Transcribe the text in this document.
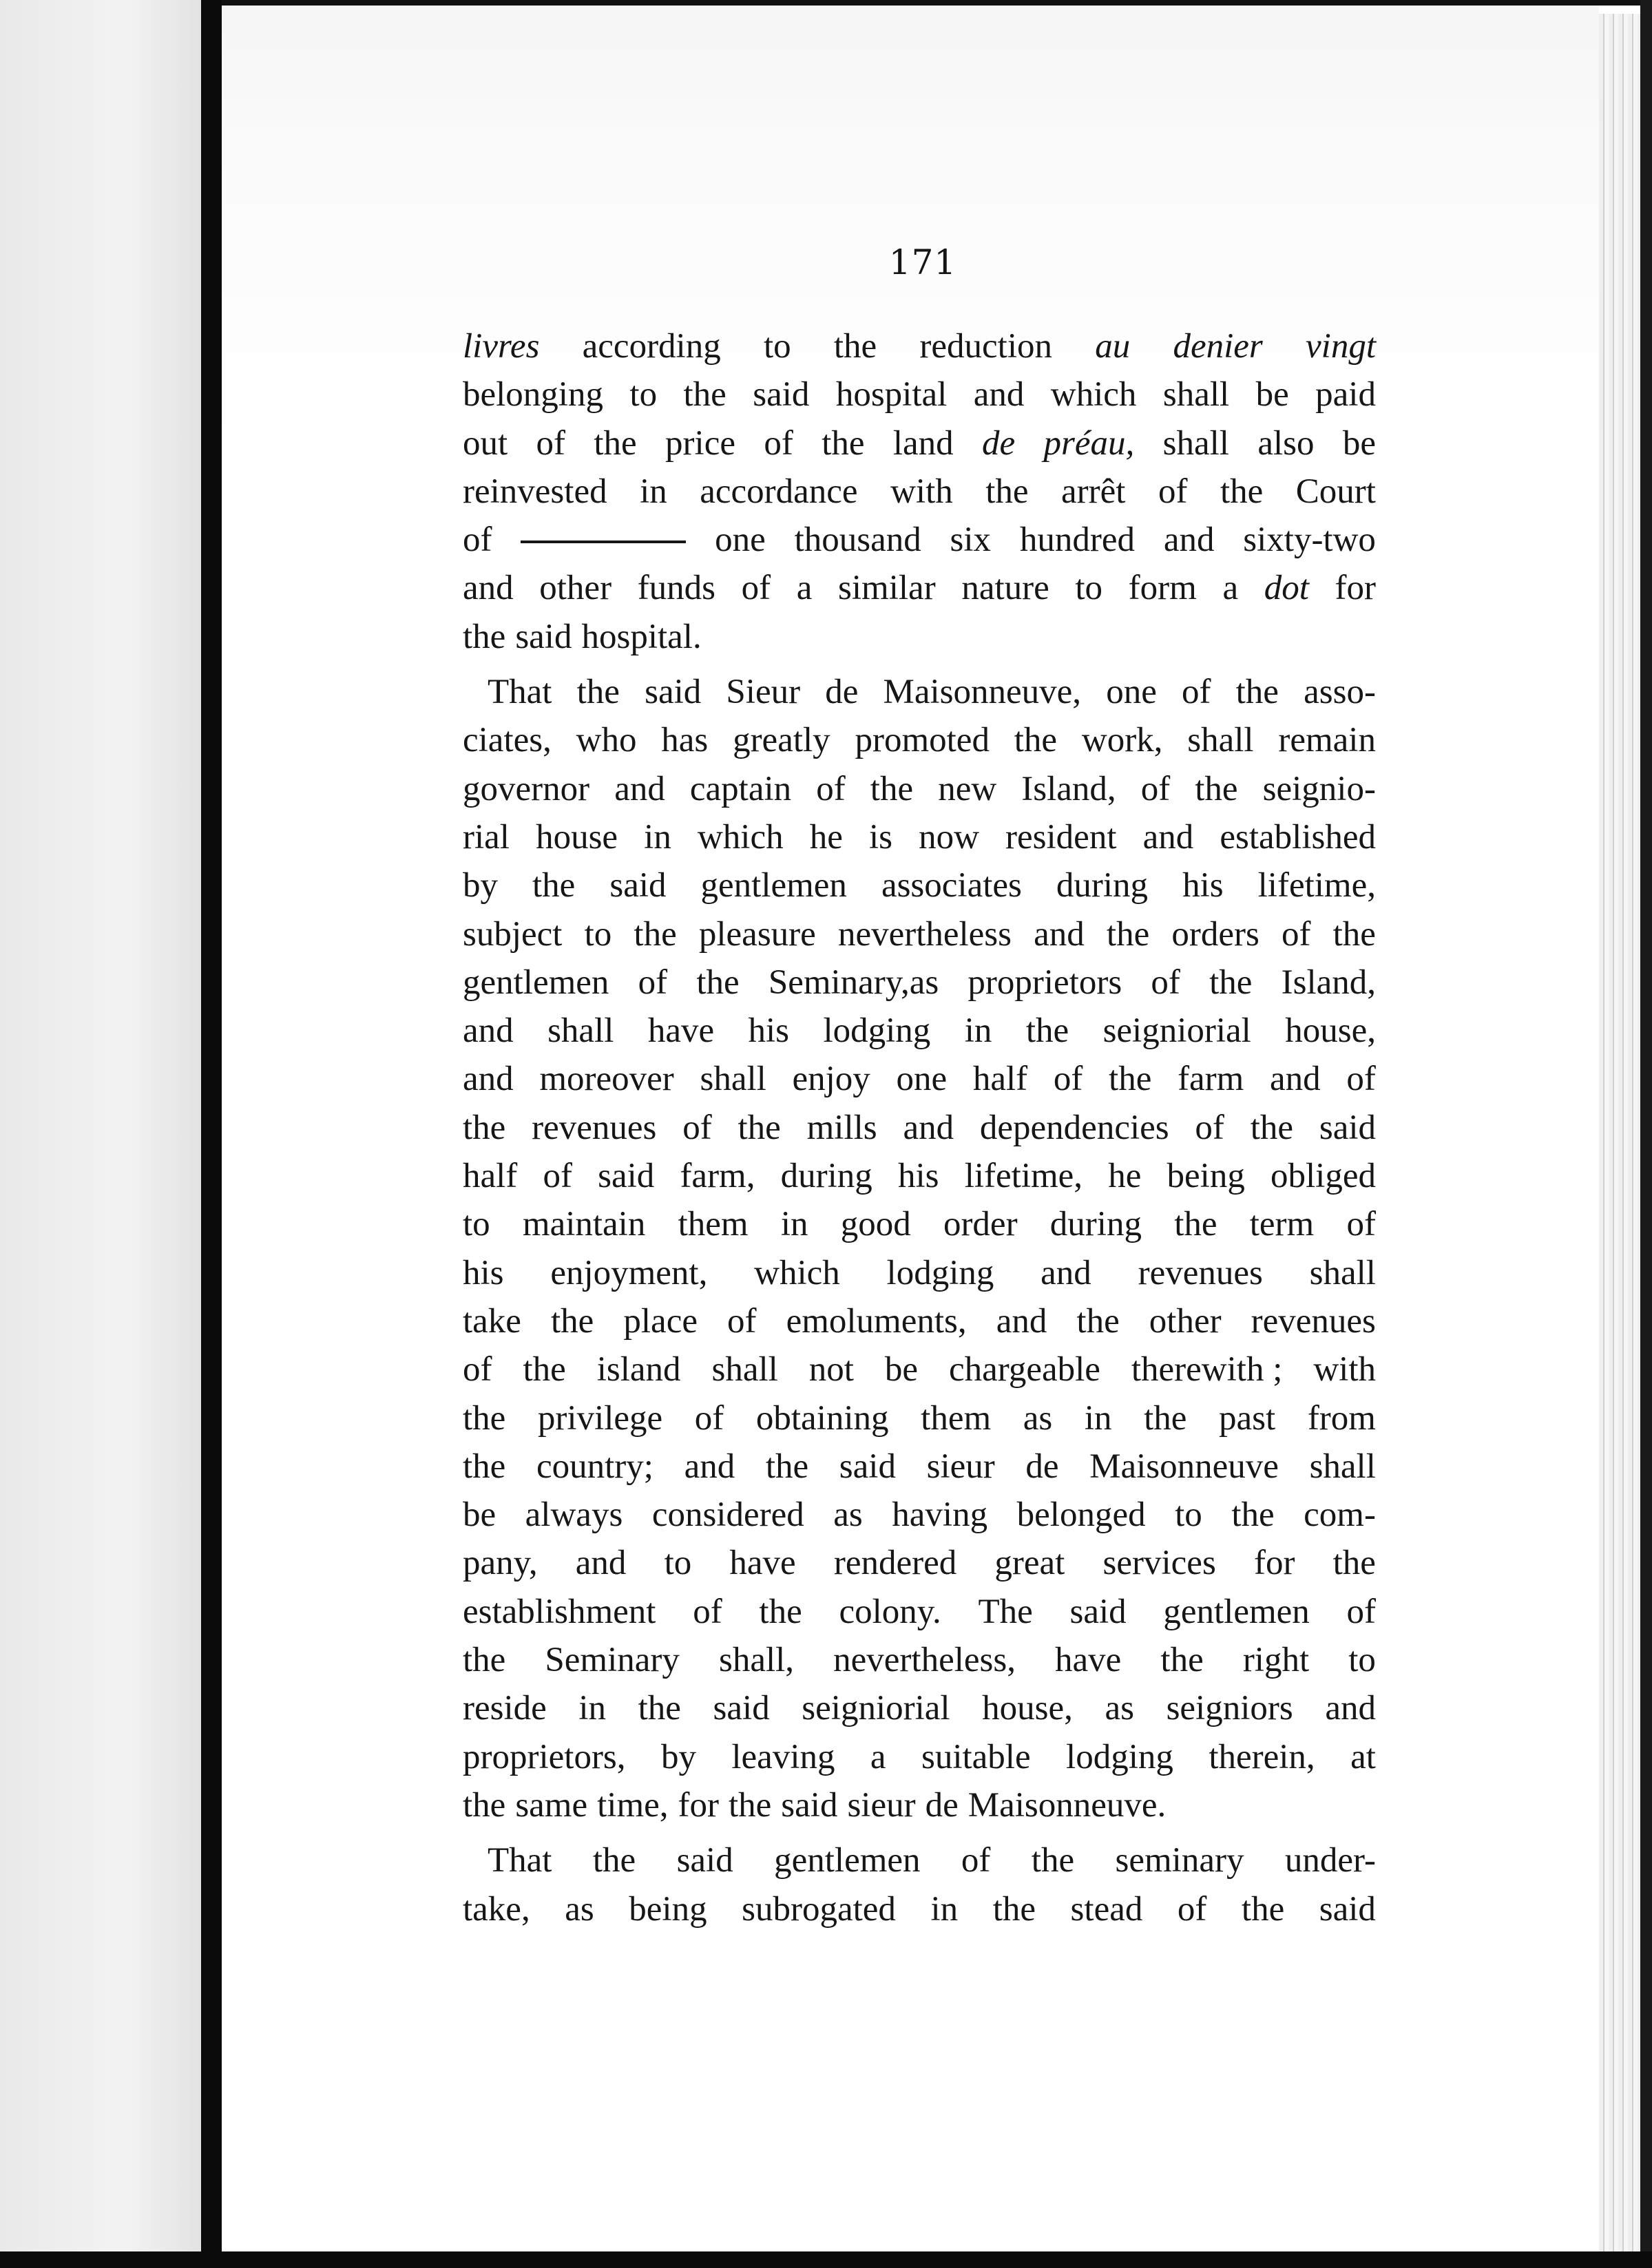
171
livres according to the reduction au denier vingt
belonging to the said hospital and which shall be paid
out of the price of the land de préau, shall also be
reinvested in accordance with the arrêt of the Court
of	one thousand six hundred and sixty-two
and other funds of a similar nature to form a dot for
the said hospital.
That the said Sieur de Maisonneuve, one of the asso-
ciates, who has greatly promoted the work, shall remain
governor and captain of the new Island, of the seignio-
rial house in which he is now resident and established
by the said gentlemen associates during his lifetime,
subject to the pleasure nevertheless and the orders of the
gentlemen of the Seminary,as proprietors of the Island,
and shall have his lodging in the seigniorial house,
and moreover shall enjoy one half of the farm and of
the revenues of the mills and dependencies of the said
half of said farm, during his lifetime, he being obliged
to maintain them in good order during the term of
his enjoyment, which lodging and revenues shall
take the place of emoluments, and the other revenues
of the island shall not be chargeable therewith ; with
the privilege of obtaining them as in the past from
the country; and the said sieur de Maisonneuve shall
be always considered as having belonged to the com-
pany, and to have rendered great services for the
establishment of the colony. The said gentlemen of
the Seminary shall, nevertheless, have the right to
reside in the said seigniorial house, as seigniors and
proprietors, by leaving a suitable lodging therein, at
the same time, for the said sieur de Maisonneuve.
That the said gentlemen of the seminary under-
take, as being subrogated in the stead of the said
